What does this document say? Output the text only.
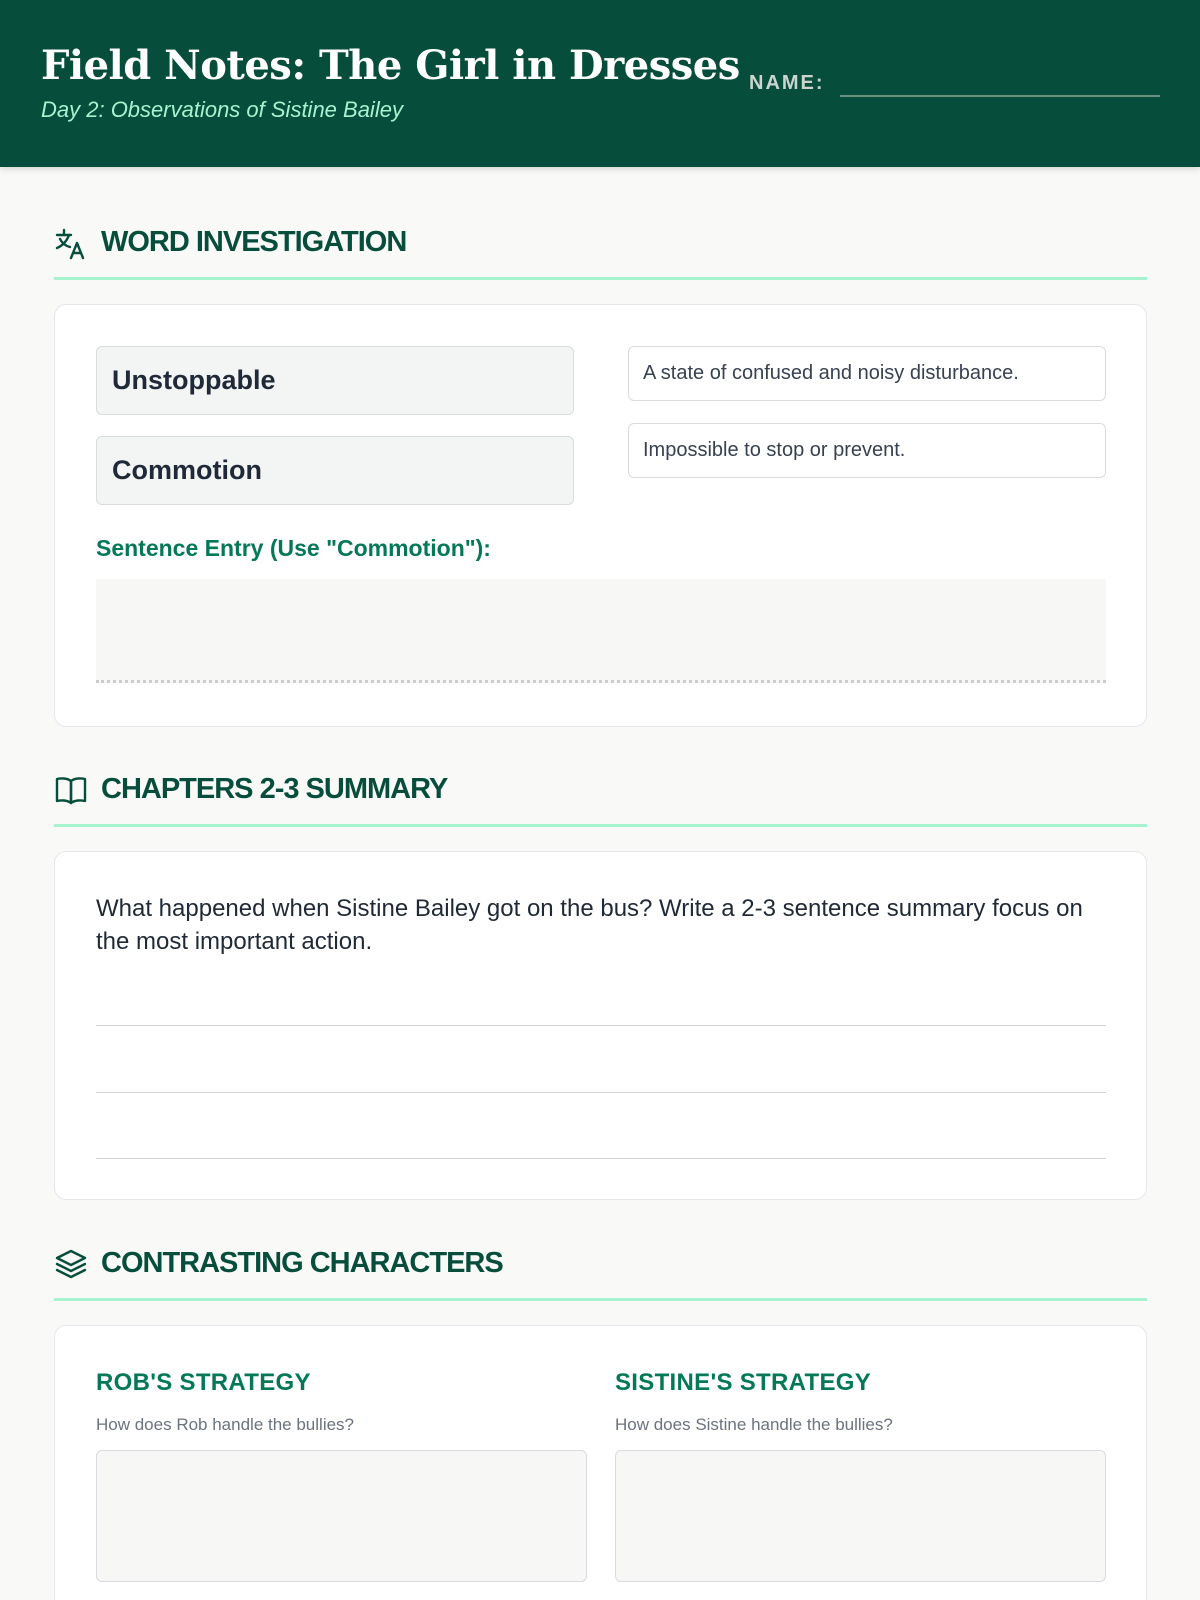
Field Notes: The Girl in Dresses
Day 2: Observations of Sistine Bailey
NAME:
WORD INVESTIGATION
Unstoppable
Commotion
A state of confused and noisy disturbance.
Impossible to stop or prevent.
Sentence Entry (Use "Commotion"):
CHAPTERS 2-3 SUMMARY
What happened when Sistine Bailey got on the bus? Write a 2-3 sentence summary focus on the most important action.
CONTRASTING CHARACTERS
ROB'S STRATEGY
How does Rob handle the bullies?
SISTINE'S STRATEGY
How does Sistine handle the bullies?
